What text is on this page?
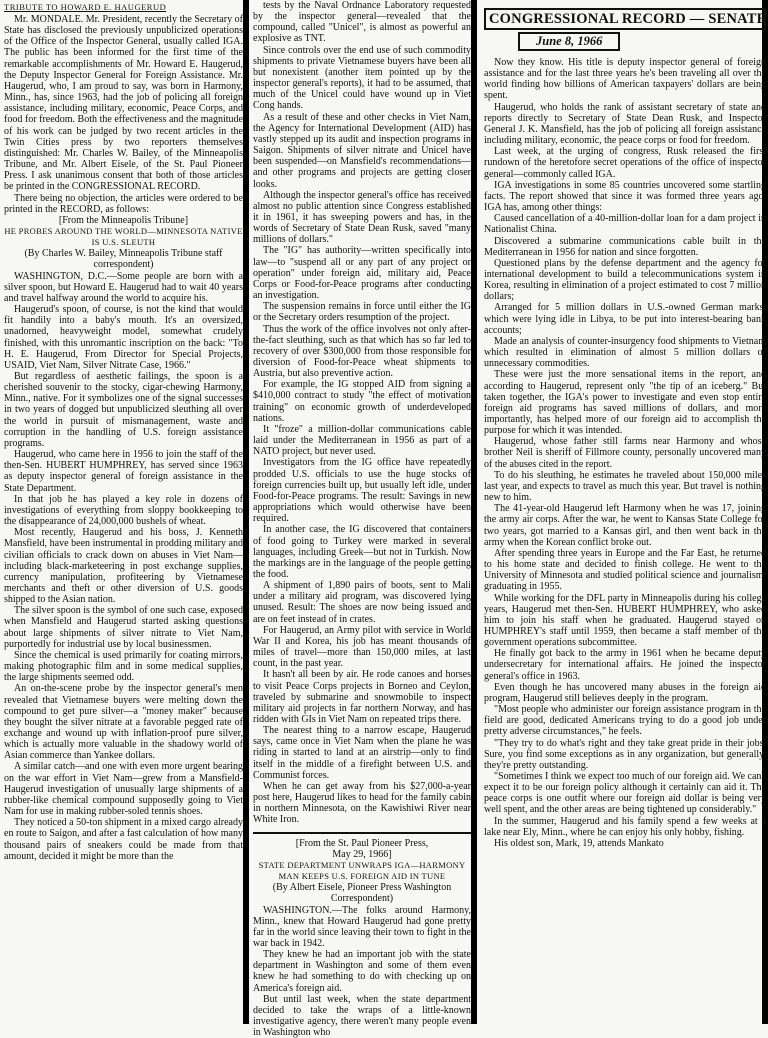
TRIBUTE TO HOWARD E. HAUGERUD

Mr. MONDALE. Mr. President, recently the Secretary of State has disclosed the previously unpublicized operations of the Office of the Inspector General, usually called IGA. The public has been informed for the first time of the remarkable accomplishments of Mr. Howard E. Haugerud, the Deputy Inspector General for Foreign Assistance. Mr. Haugerud, who, I am proud to say, was born in Harmony, Minn., has, since 1963, had the job of policing all foreign assistance, including military, economic, Peace Corps, and food for freedom. Both the effectiveness and the magnitude of his work can be judged by two recent articles in the Twin Cities press by two reporters themselves distinguished: Mr. Charles W. Bailey, of the Minneapolis Tribune, and Mr. Albert Eisele, of the St. Paul Pioneer Press. I ask unanimous consent that both of those articles be printed in the CONGRESSIONAL RECORD.

There being no objection, the articles were ordered to be printed in the RECORD, as follows:

[From the Minneapolis Tribune]

HE PROBES AROUND THE WORLD—MINNESOTA NATIVE IS U.S. SLEUTH

(By Charles W. Bailey, Minneapolis Tribune staff correspondent)

WASHINGTON, D.C.—Some people are born with a silver spoon, but Howard E. Haugerud had to wait 40 years and travel halfway around the world to acquire his.

Haugerud's spoon, of course, is not the kind that would fit handily into a baby's mouth. It's an oversized, unadorned, heavyweight model, somewhat crudely finished, with this unromantic inscription on the back: "To H. E. Haugerud, From Director for Special Projects, USAID, Viet Nam, Silver Nitrate Case, 1966."

But regardless of aesthetic failings, the spoon is a cherished souvenir to the stocky, cigar-chewing Harmony, Minn., native. For it symbolizes one of the signal successes in two years of dogged but unpublicized sleuthing all over the world in pursuit of mismanagement, waste and corruption in the handling of U.S. foreign assistance programs.

Haugerud, who came here in 1956 to join the staff of the then-Sen. HUBERT HUMPHREY, has served since 1963 as deputy inspector general of foreign assistance in the State Department.

In that job he has played a key role in dozens of investigations of everything from sloppy bookkeeping to the disappearance of 24,000,000 bushels of wheat.

Most recently, Haugerud and his boss, J. Kenneth Mansfield, have been instrumental in prodding military and civilian officials to crack down on abuses in Viet Nam—including black-marketeering in post exchange supplies, currency manipulation, profiteering by Vietnamese merchants and theft or other diversion of U.S. goods shipped to the Asian nation.

The silver spoon is the symbol of one such case, exposed when Mansfield and Haugerud started asking questions about large shipments of silver nitrate to Viet Nam, purportedly for industrial use by local businessmen.

Since the chemical is used primarily for coating mirrors, making photographic film and in some medical supplies, the large shipments seemed odd.

An on-the-scene probe by the inspector general's men revealed that Vietnamese buyers were melting down the compound to get pure silver—a "money maker" because they bought the silver nitrate at a favorable pegged rate of exchange and wound up with inflation-proof pure silver, which is actually more valuable in the shadowy world of Asian commerce than Yankee dollars.

A similar catch—and one with even more urgent bearing on the war effort in Viet Nam—grew from a Mansfield-Haugerud investigation of unusually large shipments of a rubber-like chemical compound supposedly going to Viet Nam for use in making rubber-soled tennis shoes.

They noticed a 50-ton shipment in a mixed cargo already en route to Saigon, and after a fast calculation of how many thousand pairs of sneakers could be made from that amount, decided it might be more than the

tests by the Naval Ordnance Laboratory requested by the inspector general—revealed that the compound, called "Unicel", is almost as powerful an explosive as TNT.

Since controls over the end use of such commodity shipments to private Vietnamese buyers have been all but nonexistent (another item pointed up by the inspector general's reports), it had to be assumed, that much of the Unicel could have wound up in Viet Cong hands.

As a result of these and other checks in Viet Nam, the Agency for International Development (AID) has vastly stepped up its audit and inspection programs in Saigon. Shipments of silver nitrate and Unicel have been suspended—on Mansfield's recommendations—and other programs and projects are getting closer looks.

Although the inspector general's office has received almost no public attention since Congress established it in 1961, it has sweeping powers and has, in the words of Secretary of State Dean Rusk, saved "many millions of dollars."

The "IG" has authority—written specifically into law—to "suspend all or any part of any project or operation" under foreign aid, military aid, Peace Corps or Food-for-Peace programs after conducting an investigation.

The suspension remains in force until either the IG or the Secretary orders resumption of the project.

Thus the work of the office involves not only after-the-fact sleuthing, such as that which has so far led to recovery of over $300,000 from those responsible for diversion of Food-for-Peace wheat shipments to Austria, but also preventive action.

For example, the IG stopped AID from signing a $410,000 contract to study "the effect of motivation training" on economic growth of underdeveloped nations.

It "froze" a million-dollar communications cable laid under the Mediterranean in 1956 as part of a NATO project, but never used.

Investigators from the IG office have repeatedly prodded U.S. officials to use the huge stocks of foreign currencies built up, but usually left idle, under Food-for-Peace programs. The result: Savings in new appropriations which would otherwise have been required.

In another case, the IG discovered that containers of food going to Turkey were marked in several languages, including Greek—but not in Turkish. Now the markings are in the language of the people getting the food.

A shipment of 1,890 pairs of boots, sent to Mali under a military aid program, was discovered lying unused. Result: The shoes are now being issued and are on feet instead of in crates.

For Haugerud, an Army pilot with service in World War II and Korea, his job has meant thousands of miles of travel—more than 150,000 miles, at last count, in the past year.

It hasn't all been by air. He rode canoes and horses to visit Peace Corps projects in Borneo and Ceylon, traveled by submarine and snowmobile to inspect military aid projects in far northern Norway, and has ridden with GIs in Viet Nam on repeated trips there.

The nearest thing to a narrow escape, Haugerud says, came once in Viet Nam when the plane he was riding in started to land at an airstrip—only to find itself in the middle of a firefight between U.S. and Communist forces.

When he can get away from his $27,000-a-year post here, Haugerud likes to head for the family cabin in northern Minnesota, on the Kawishiwi River near White Iron.

[From the St. Paul Pioneer Press,

May 29, 1966]

STATE DEPARTMENT UNWRAPS IGA—HARMONY MAN KEEPS U.S. FOREIGN AID IN TUNE

(By Albert Eisele, Pioneer Press Washington Correspondent)

WASHINGTON.—The folks around Harmony, Minn., knew that Howard Haugerud had gone pretty far in the world since leaving their town to fight in the war back in 1942.

They knew he had an important job with the state department in Washington and some of them even knew he had something to do with checking up on America's foreign aid.

But until last week, when the state department decided to take the wraps of a little-known investigative agency, there weren't many people even in Washington who

CONGRESSIONAL RECORD — SENATE
June 8, 1966

Now they know. His title is deputy inspector general of foreign assistance and for the last three years he's been traveling all over the world finding how billions of American taxpayers' dollars are being spent.

Haugerud, who holds the rank of assistant secretary of state and reports directly to Secretary of State Dean Rusk, and Inspector General J. K. Mansfield, has the job of policing all foreign assistance including military, economic, the peace corps or food for freedom.

Last week, at the urging of congress, Rusk released the first rundown of the heretofore secret operations of the office of inspector general—commonly called IGA.

IGA investigations in some 85 countries uncovered some startling facts. The report showed that since it was formed three years ago, IGA has, among other things:

Caused cancellation of a 40-million-dollar loan for a dam project in Nationalist China.

Discovered a submarine communications cable built in the Mediterranean in 1956 for nation and since forgotten.

Questioned plans by the defense department and the agency for international development to build a telecommunications system in Korea, resulting in elimination of a project estimated to cost 7 million dollars;

Arranged for 5 million dollars in U.S.-owned German marks, which were lying idle in Libya, to be put into interest-bearing bank accounts;

Made an analysis of counter-insurgency food shipments to Vietnam which resulted in elimination of almost 5 million dollars of unnecessary commodities.

These were just the more sensational items in the report, and according to Haugerud, represent only "the tip of an iceberg." But taken together, the IGA's power to investigate and even stop entire foreign aid programs has saved millions of dollars, and more importantly, has helped more of our foreign aid to accomplish the purpose for which it was intended.

Haugerud, whose father still farms near Harmony and whose brother Neil is sheriff of Fillmore county, personally uncovered many of the abuses cited in the report.

To do his sleuthing, he estimates he traveled about 150,000 miles last year, and expects to travel as much this year. But travel is nothing new to him.

The 41-year-old Haugerud left Harmony when he was 17, joining the army air corps. After the war, he went to Kansas State College for two years, got married to a Kansas girl, and then went back in the army when the Korean conflict broke out.

After spending three years in Europe and the Far East, he returned to his home state and decided to finish college. He went to the University of Minnesota and studied political science and journalism, graduating in 1955.

While working for the DFL party in Minneapolis during his college years, Haugerud met then-Sen. HUBERT HUMPHREY, who asked him to join his staff when he graduated. Haugerud stayed on HUMPHREY's staff until 1959, then became a staff member of the government operations subcommittee.

He finally got back to the army in 1961 when he became deputy undersecretary for international affairs. He joined the inspector general's office in 1963.

Even though he has uncovered many abuses in the foreign aid program, Haugerud still believes deeply in the program.

"Most people who administer our foreign assistance program in the field are good, dedicated Americans trying to do a good job under pretty adverse circumstances," he feels.

"They try to do what's right and they take great pride in their jobs. Sure, you find some exceptions as in any organization, but generally, they're pretty outstanding.

"Sometimes I think we expect too much of our foreign aid. We can't expect it to be our foreign policy although it certainly can aid it. The peace corps is one outfit where our foreign aid dollar is being very well spent, and the other areas are being tightened up considerably."

In the summer, Haugerud and his family spend a few weeks at a lake near Ely, Minn., where he can enjoy his only hobby, fishing.

His oldest son, Mark, 19, attends Mankato
